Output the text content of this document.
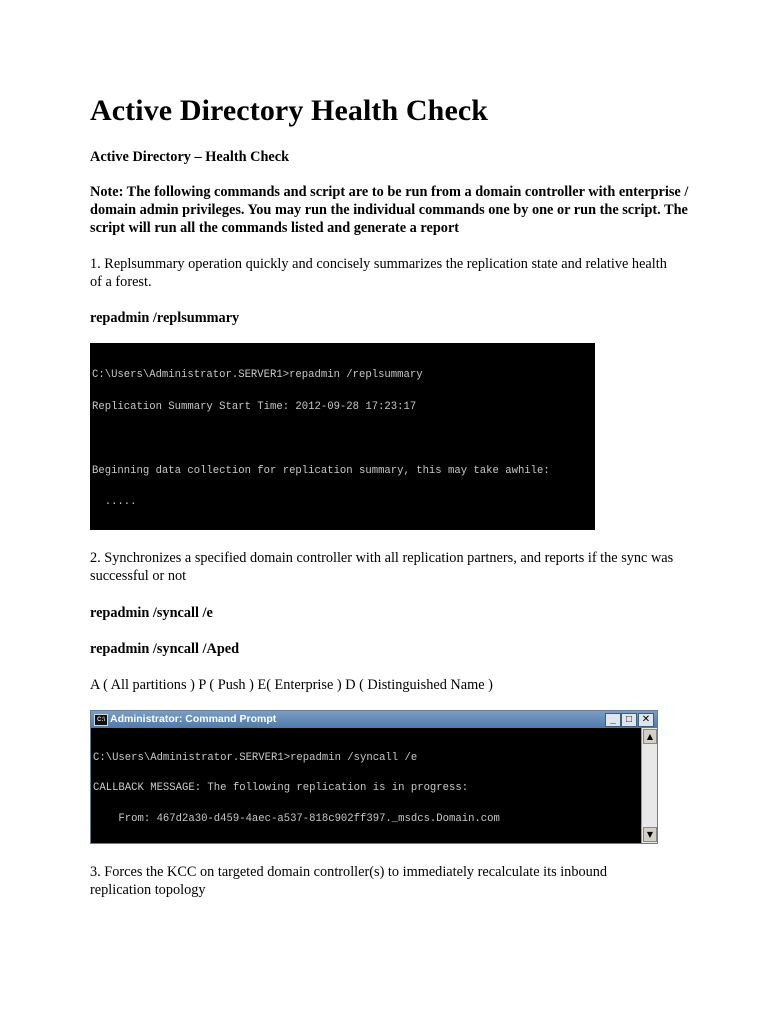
Active Directory Health Check

Active Directory – Health Check

Note: The following commands and script are to be run from a domain controller with enterprise / domain admin privileges. You may run the individual commands one by one or run the script. The script will run all the commands listed and generate a report

1. Replsummary operation quickly and concisely summarizes the replication state and relative health of a forest.

repadmin /replsummary

C:\Users\Administrator.SERVER1>repadmin /replsummary

Replication Summary Start Time: 2012-09-28 17:23:17

Beginning data collection for replication summary, this may take awhile:

.....

2. Synchronizes a specified domain controller with all replication partners, and reports if the sync was successful or not

repadmin /syncall /e

repadmin /syncall /Aped

A ( All partitions ) P ( Push ) E( Enterprise ) D ( Distinguished Name )

C:\ Administrator: Command Prompt	_	□ ✕

C:\Users\Administrator.SERVER1>repadmin /syncall /e

CALLBACK MESSAGE: The following replication is in progress:

From: 467d2a30-d459-4aec-a537-818c902ff397._msdcs.Domain.com

▲
▼

3. Forces the KCC on targeted domain controller(s) to immediately recalculate its inbound replication topology
